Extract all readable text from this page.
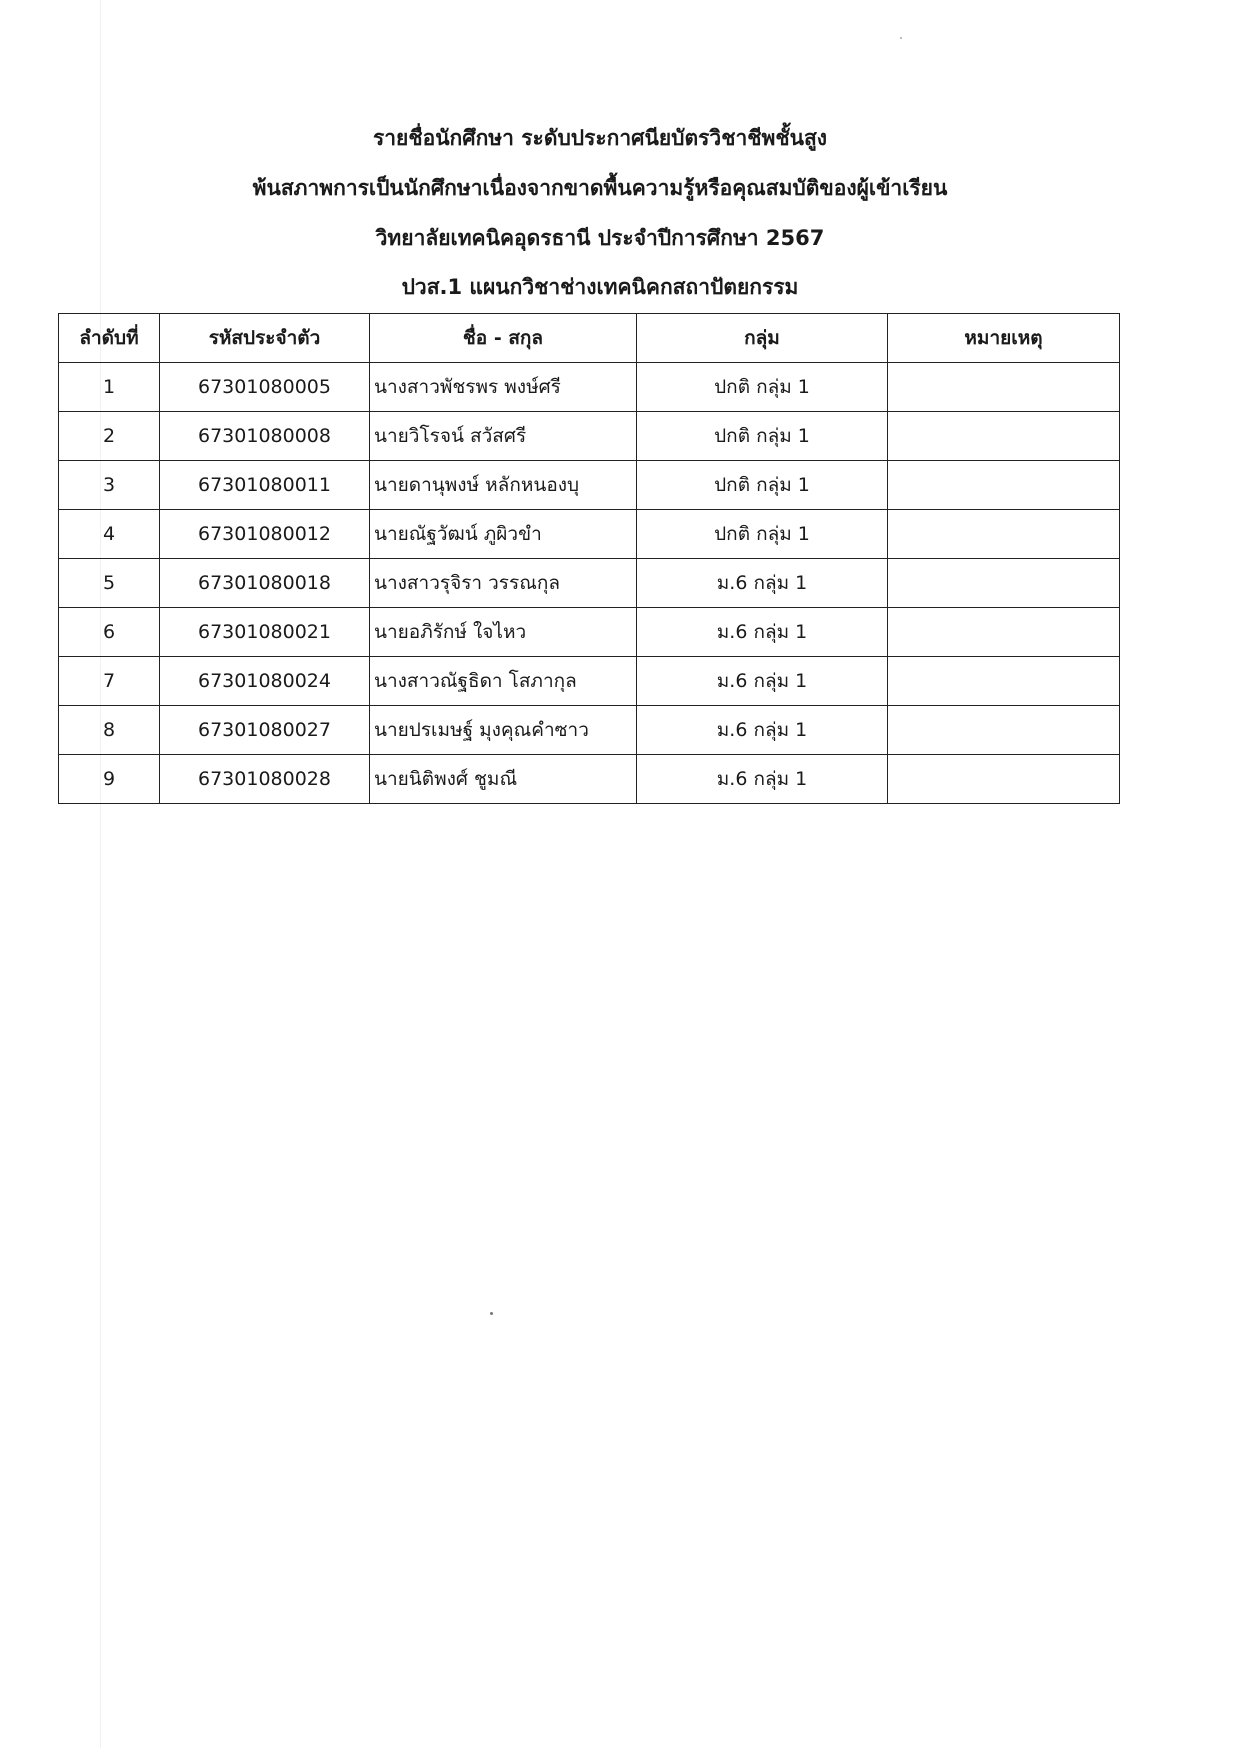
รายชื่อนักศึกษา ระดับประกาศนียบัตรวิชาชีพชั้นสูง
พ้นสภาพการเป็นนักศึกษาเนื่องจากขาดพื้นความรู้หรือคุณสมบัติของผู้เข้าเรียน
วิทยาลัยเทคนิคอุดรธานี ประจำปีการศึกษา 2567
ปวส.1 แผนกวิชาช่างเทคนิคกสถาปัตยกรรม
ลำดับที่	รหัสประจำตัว	ชื่อ - สกุล	กลุ่ม	หมายเหตุ
1	67301080005	นางสาวพัชรพร พงษ์ศรี	ปกติ กลุ่ม 1	
2	67301080008	นายวิโรจน์ สวัสศรี	ปกติ กลุ่ม 1	
3	67301080011	นายดานุพงษ์ หลักหนองบุ	ปกติ กลุ่ม 1	
4	67301080012	นายณัฐวัฒน์ ภูผิวขำ	ปกติ กลุ่ม 1	
5	67301080018	นางสาวรุจิรา วรรณกุล	ม.6 กลุ่ม 1	
6	67301080021	นายอภิรักษ์ ใจไหว	ม.6 กลุ่ม 1	
7	67301080024	นางสาวณัฐธิดา โสภากุล	ม.6 กลุ่ม 1	
8	67301080027	นายปรเมษฐ์ มุงคุณคำซาว	ม.6 กลุ่ม 1	
9	67301080028	นายนิติพงศ์ ชูมณี	ม.6 กลุ่ม 1	
